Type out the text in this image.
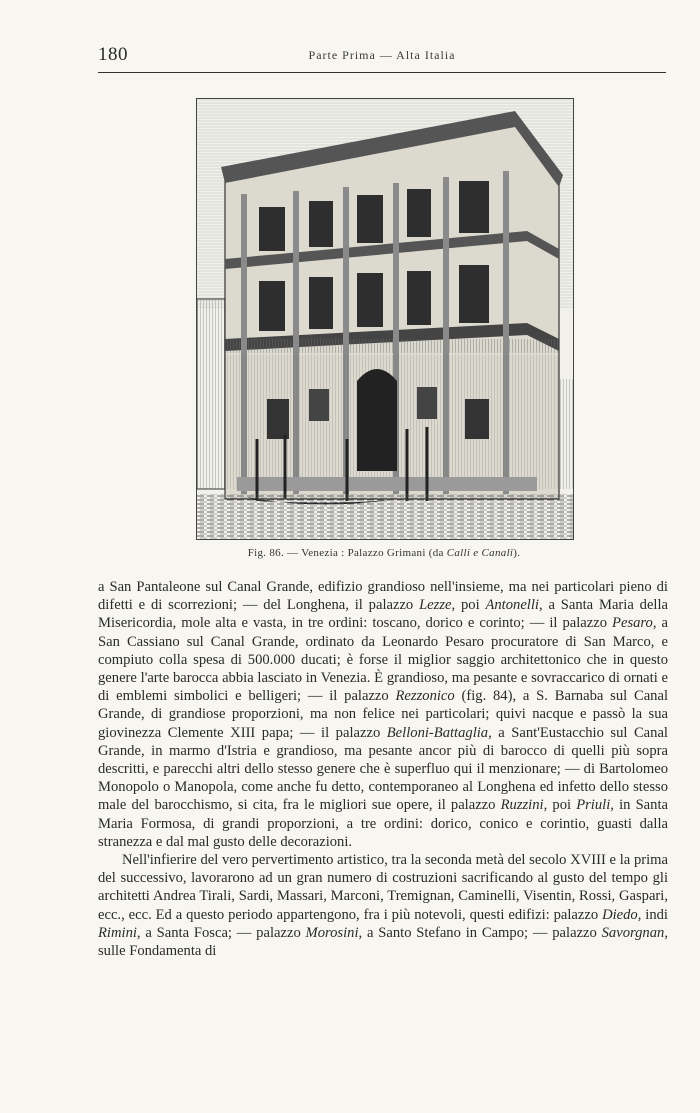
180	Parte Prima — Alta Italia
Fig. 86. — Venezia : Palazzo Grimani (da Calli e Canali).

a San Pantaleone sul Canal Grande, edifizio grandioso nell'insieme, ma nei particolari pieno di difetti e di scorrezioni; — del Longhena, il palazzo Lezze, poi Antonelli, a Santa Maria della Misericordia, mole alta e vasta, in tre ordini: toscano, dorico e corinto; — il palazzo Pesaro, a San Cassiano sul Canal Grande, ordinato da Leonardo Pesaro procuratore di San Marco, e compiuto colla spesa di 500.000 ducati; è forse il miglior saggio architettonico che in questo genere l'arte barocca abbia lasciato in Venezia. È grandioso, ma pesante e sovraccarico di ornati e di emblemi simbolici e belligeri; — il palazzo Rezzonico (fig. 84), a S. Barnaba sul Canal Grande, di grandiose proporzioni, ma non felice nei particolari; quivi nacque e passò la sua giovinezza Clemente XIII papa; — il palazzo Belloni-Battaglia, a Sant'Eustacchio sul Canal Grande, in marmo d'Istria e grandioso, ma pesante ancor più di barocco di quelli più sopra descritti, e parecchi altri dello stesso genere che è superfluo qui il menzionare; — di Bartolomeo Monopolo o Manopola, come anche fu detto, contemporaneo al Longhena ed infetto dello stesso male del barocchismo, si cita, fra le migliori sue opere, il palazzo Ruzzini, poi Priuli, in Santa Maria Formosa, di grandi proporzioni, a tre ordini: dorico, conico e corintio, guasti dalla stranezza e dal mal gusto delle decorazioni.

Nell'infierire del vero pervertimento artistico, tra la seconda metà del secolo XVIII e la prima del successivo, lavorarono ad un gran numero di costruzioni sacrificando al gusto del tempo gli architetti Andrea Tirali, Sardi, Massari, Marconi, Tremignan, Caminelli, Visentin, Rossi, Gaspari, ecc., ecc. Ed a questo periodo appartengono, fra i più notevoli, questi edifizi: palazzo Diedo, indi Rimini, a Santa Fosca; — palazzo Morosini, a Santo Stefano in Campo; — palazzo Savorgnan, sulle Fondamenta di
